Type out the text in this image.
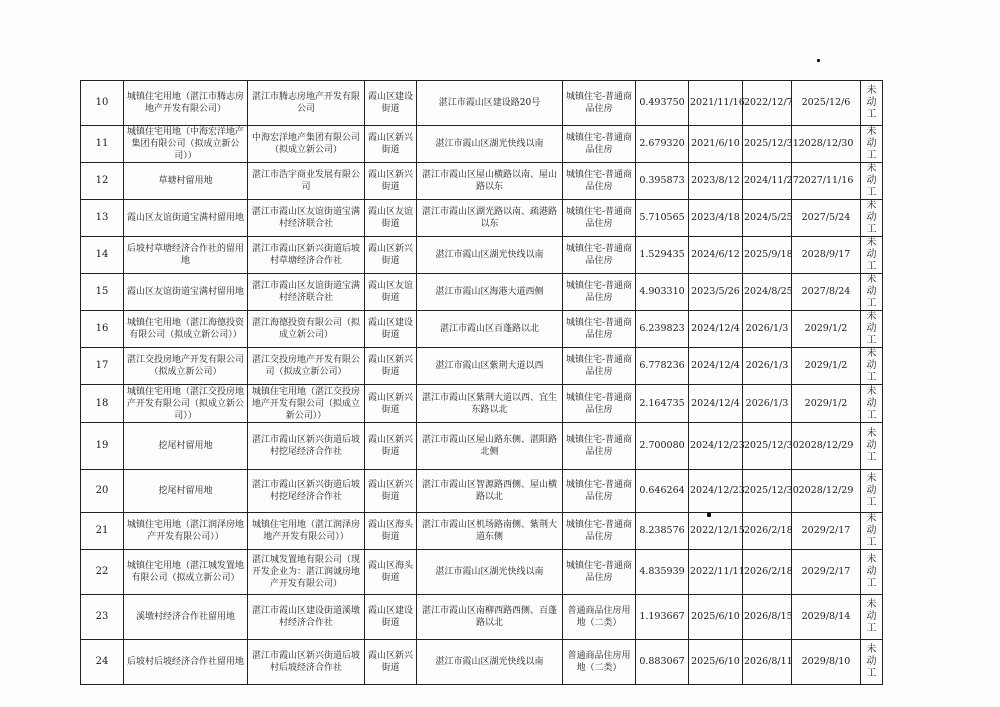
10	城镇住宅用地（湛江市腾志房地产开发有限公司）	湛江市腾志房地产开发有限公司	霞山区建设街道	湛江市霞山区建设路20号	城镇住宅-普通商品住房	0.493750	2021/11/16	2022/12/7	2025/12/6	未动工
11	城镇住宅用地（中海宏洋地产集团有限公司（拟成立新公司））	中海宏洋地产集团有限公司（拟成立新公司）	霞山区新兴街道	湛江市霞山区湖光快线以南	城镇住宅-普通商品住房	2.679320	2021/6/10	2025/12/31	2028/12/30	未动工
12	草塘村留用地	湛江市浩宇商业发展有限公司	霞山区新兴街道	湛江市霞山区屋山横路以南、屋山路以东	城镇住宅-普通商品住房	0.395873	2023/8/12	2024/11/27	2027/11/16	未动工
13	霞山区友谊街道宝满村留用地	湛江市霞山区友谊街道宝满村经济联合社	霞山区友谊街道	湛江市霞山区湖光路以南、疏港路以东	城镇住宅-普通商品住房	5.710565	2023/4/18	2024/5/25	2027/5/24	未动工
14	后坡村草塘经济合作社的留用地	湛江市霞山区新兴街道后坡村草塘经济合作社	霞山区新兴街道	湛江市霞山区湖光快线以南	城镇住宅-普通商品住房	1.529435	2024/6/12	2025/9/18	2028/9/17	未动工
15	霞山区友谊街道宝满村留用地	湛江市霞山区友谊街道宝满村经济联合社	霞山区友谊街道	湛江市霞山区海港大道西侧	城镇住宅-普通商品住房	4.903310	2023/5/26	2024/8/25	2027/8/24	未动工
16	城镇住宅用地（湛江海德投资有限公司（拟成立新公司））	湛江海德投资有限公司（拟成立新公司）	霞山区建设街道	湛江市霞山区百蓬路以北	城镇住宅-普通商品住房	6.239823	2024/12/4	2026/1/3	2029/1/2	未动工
17	湛江交投房地产开发有限公司（拟成立新公司）	湛江交投房地产开发有限公司（拟成立新公司）	霞山区新兴街道	湛江市霞山区紫荆大道以西	城镇住宅-普通商品住房	6.778236	2024/12/4	2026/1/3	2029/1/2	未动工
18	城镇住宅用地（湛江交投房地产开发有限公司（拟成立新公司））	城镇住宅用地（湛江交投房地产开发有限公司（拟成立新公司））	霞山区新兴街道	湛江市霞山区紫荆大道以西、宜生东路以北	城镇住宅-普通商品住房	2.164735	2024/12/4	2026/1/3	2029/1/2	未动工
19	挖尾村留用地	湛江市霞山区新兴街道后坡村挖尾经济合作社	霞山区新兴街道	湛江市霞山区屋山路东侧、湛阳路北侧	城镇住宅-普通商品住房	2.700080	2024/12/23	2025/12/30	2028/12/29	未动工
20	挖尾村留用地	湛江市霞山区新兴街道后坡村挖尾经济合作社	霞山区新兴街道	湛江市霞山区智源路西侧、屋山横路以北	城镇住宅-普通商品住房	0.646264	2024/12/23	2025/12/30	2028/12/29	未动工
21	城镇住宅用地（湛江润泽房地产开发有限公司））	城镇住宅用地（湛江润泽房地产开发有限公司））	霞山区海头街道	湛江市霞山区机场路南侧、紫荆大道东侧	城镇住宅-普通商品住房	8.238576	2022/12/15	2026/2/18	2029/2/17	未动工
22	城镇住宅用地（湛江城发置地有限公司（拟成立新公司）	湛江城发置地有限公司（现开发企业为：湛江润诚房地产开发有限公司）	霞山区海头街道	湛江市霞山区湖光快线以南	城镇住宅-普通商品住房	4.835939	2022/11/11	2026/2/18	2029/2/17	未动工
23	溪墩村经济合作社留用地	湛江市霞山区建设街道溪墩村经济合作社	霞山区建设街道	湛江市霞山区南柳西路西侧、百蓬路以北	普通商品住房用地（二类）	1.193667	2025/6/10	2026/8/15	2029/8/14	未动工
24	后坡村后坡经济合作社留用地	湛江市霞山区新兴街道后坡村后坡经济合作社	霞山区新兴街道	湛江市霞山区湖光快线以南	普通商品住房用地（二类）	0.883067	2025/6/10	2026/8/11	2029/8/10	未动工
